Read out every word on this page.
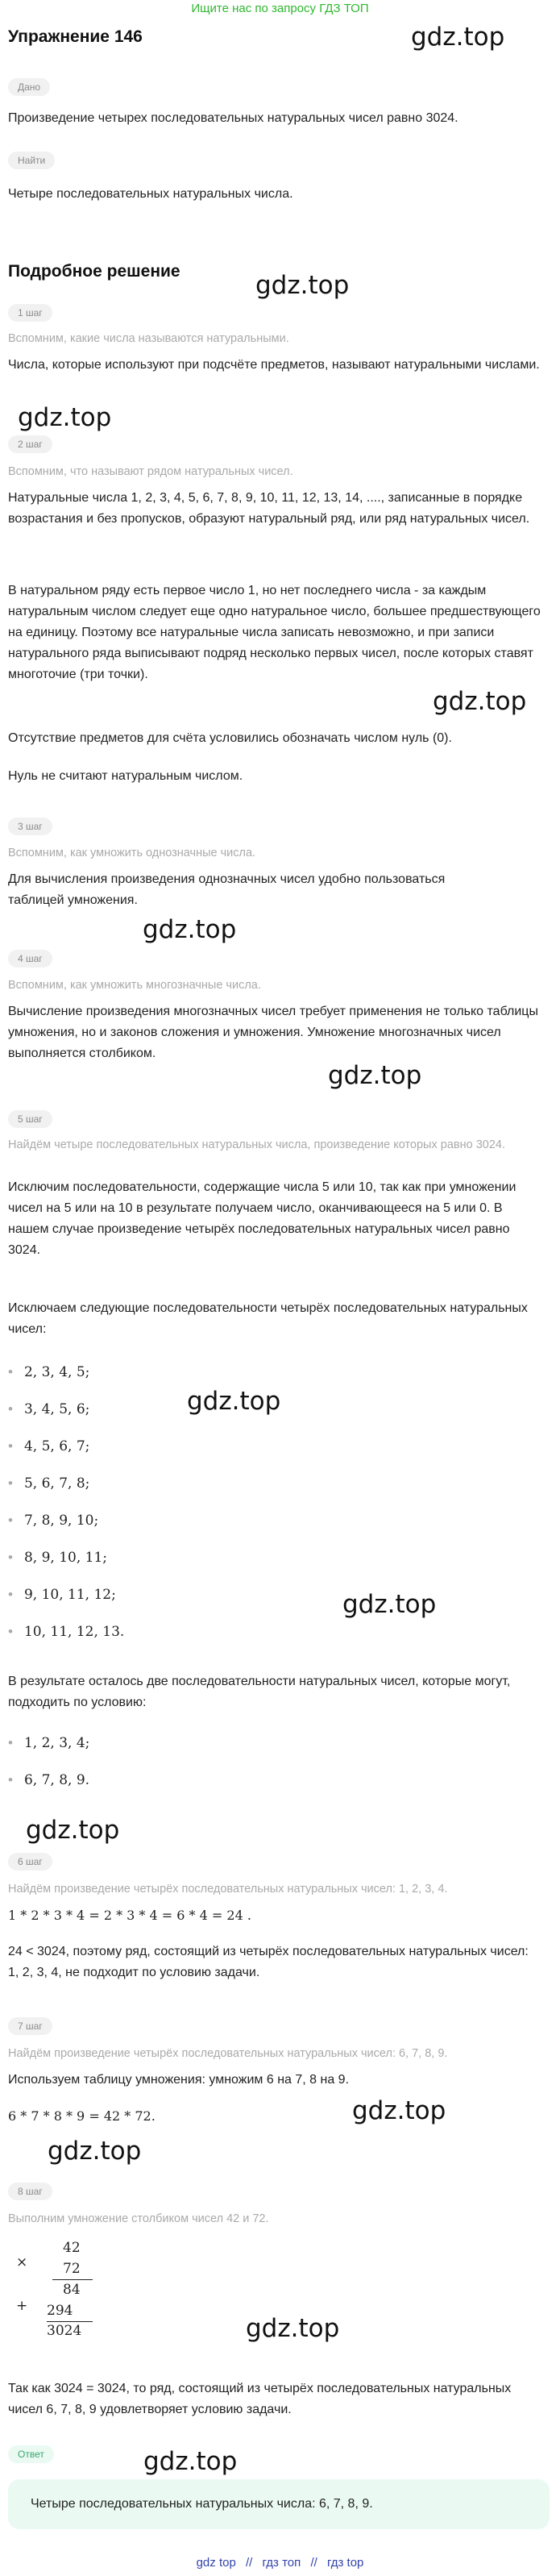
Ищите нас по запросу ГДЗ ТОП
Упражнение 146	gdz.top
gdz.top
gdz.top
gdz.top
gdz.top
gdz.top
gdz.top
gdz.top
gdz.top
gdz.top
gdz.top
gdz.top
gdz.top
Дано
Произведение четырех последовательных натуральных чисел равно 3024.
Найти
Четыре последовательных натуральных числа.
Подробное решение
1 шаг
Вспомним, какие числа называются натуральными.
Числа, которые используют при подсчёте предметов, называют натуральными числами.
2 шаг
Вспомним, что называют рядом натуральных чисел.
Натуральные числа 1, 2, 3, 4, 5, 6, 7, 8, 9, 10, 11, 12, 13, 14, ...., записанные в порядке возрастания и без пропусков, образуют натуральный ряд, или ряд натуральных чисел.
В натуральном ряду есть первое число 1, но нет последнего числа - за каждым натуральным числом следует еще одно натуральное число, большее предшествующего на единицу. Поэтому все натуральные числа записать невозможно, и при записи натурального ряда выписывают подряд несколько первых чисел, после которых ставят многоточие (три точки).
Отсутствие предметов для счёта условились обозначать числом нуль (0).
Нуль не считают натуральным числом.
3 шаг
Вспомним, как умножить однозначные числа.
Для вычисления произведения однозначных чисел удобно пользоваться таблицей умножения.
4 шаг
Вспомним, как умножить многозначные числа.
Вычисление произведения многозначных чисел требует применения не только таблицы умножения, но и законов сложения и умножения. Умножение многозначных чисел выполняется столбиком.
5 шаг
Найдём четыре последовательных натуральных числа, произведение которых равно 3024.
Исключим последовательности, содержащие числа 5 или 10, так как при умножении чисел на 5 или на 10 в результате получаем число, оканчивающееся на 5 или 0. В нашем случае произведение четырёх последовательных натуральных чисел равно 3024.
Исключаем следующие последовательности четырёх последовательных натуральных чисел:
• 2, 3, 4, 5;
• 3, 4, 5, 6;
• 4, 5, 6, 7;
• 5, 6, 7, 8;
• 7, 8, 9, 10;
• 8, 9, 10, 11;
• 9, 10, 11, 12;
• 10, 11, 12, 13.
В результате осталось две последовательности натуральных чисел, которые могут, подходить по условию:
• 1, 2, 3, 4;
• 6, 7, 8, 9.
6 шаг
Найдём произведение четырёх последовательных натуральных чисел: 1, 2, 3, 4.
1 * 2 * 3 * 4 = 2 * 3 * 4 = 6 * 4 = 24 .
24 < 3024, поэтому ряд, состоящий из четырёх последовательных натуральных чисел: 1, 2, 3, 4, не подходит по условию задачи.
7 шаг
Найдём произведение четырёх последовательных натуральных чисел: 6, 7, 8, 9.
Используем таблицу умножения: умножим 6 на 7, 8 на 9.
6 * 7 * 8 * 9 = 42 * 72.
8 шаг
Выполним умножение столбиком чисел 42 и 72.
42
×	72
84
+ 294
3024
Так как 3024 = 3024, то ряд, состоящий из четырёх последовательных натуральных чисел 6, 7, 8, 9 удовлетворяет условию задачи.
Ответ
Четыре последовательных натуральных числа: 6, 7, 8, 9.
gdz top // гдз топ // гдз top
